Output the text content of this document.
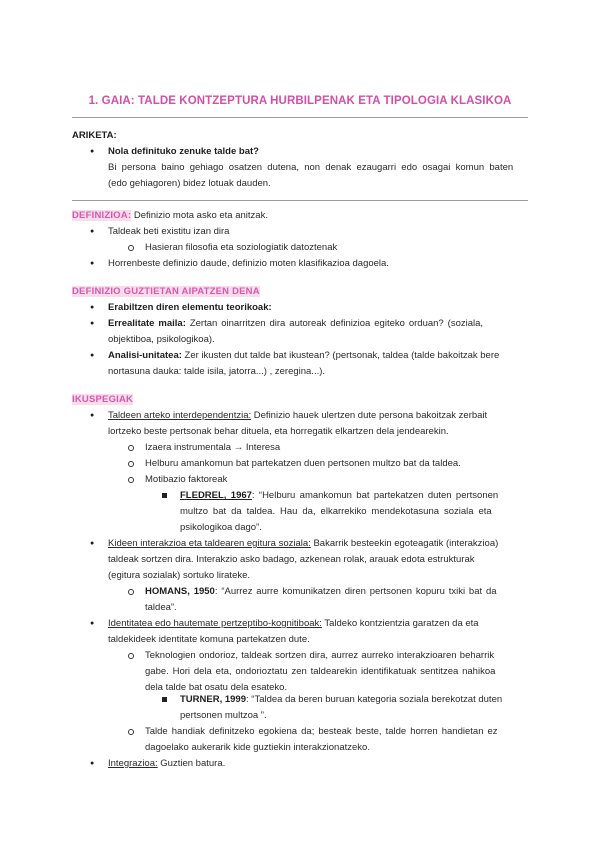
1. GAIA: TALDE KONTZEPTURA HURBILPENAK ETA TIPOLOGIA KLASIKOA
ARIKETA:
● Nola definituko zenuke talde bat?
Bi persona baino gehiago osatzen dutena, non denak ezaugarri edo osagai komun baten
(edo gehiagoren) bidez lotuak dauden.
DEFINIZIOA: Definizio mota asko eta anitzak.
● Taldeak beti existitu izan dira
Hasieran filosofia eta soziologiatik datoztenak
● Horrenbeste definizio daude, definizio moten klasifikazioa dagoela.
DEFINIZIO GUZTIETAN AIPATZEN DENA
● Erabiltzen diren elementu teorikoak:
● Errealitate maila: Zertan oinarritzen dira autoreak definizioa egiteko orduan? (soziala,
objektiboa, psikologikoa).
● Analisi-unitatea: Zer ikusten dut talde bat ikustean? (pertsonak, taldea (talde bakoitzak bere
nortasuna dauka: talde isila, jatorra...) , zeregina...).
IKUSPEGIAK
● Taldeen arteko interdependentzia: Definizio hauek ulertzen dute persona bakoitzak zerbait
lortzeko beste pertsonak behar dituela, eta horregatik elkartzen dela jendearekin.
Izaera instrumentala → Interesa
Helburu amankomun bat partekatzen duen pertsonen multzo bat da taldea.
Motibazio faktoreak
FLEDREL, 1967: “Helburu amankomun bat partekatzen duten pertsonen
multzo bat da taldea. Hau da, elkarrekiko mendekotasuna soziala eta
psikologikoa dago”.
● Kideen interakzioa eta taldearen egitura soziala: Bakarrik besteekin egoteagatik (interakzioa)
taldeak sortzen dira. Interakzio asko badago, azkenean rolak, arauak edota estrukturak
(egitura sozialak) sortuko lirateke.
HOMANS, 1950: “Aurrez aurre komunikatzen diren pertsonen kopuru txiki bat da
taldea”.
● Identitatea edo hautemate pertzeptibo-kognitiboak: Taldeko kontzientzia garatzen da eta
taldekideek identitate komuna partekatzen dute.
Teknologien ondorioz, taldeak sortzen dira, aurrez aurreko interakzioaren beharrik
gabe. Hori dela eta, ondorioztatu zen taldearekin identifikatuak sentitzea nahikoa
dela talde bat osatu dela esateko.
TURNER, 1999: “Taldea da beren buruan kategoria soziala berekotzat duten
pertsonen multzoa ”.
Talde handiak definitzeko egokiena da; besteak beste, talde horren handietan ez
dagoelako aukerarik kide guztiekin interakzionatzeko.
● Integrazioa: Guztien batura.
